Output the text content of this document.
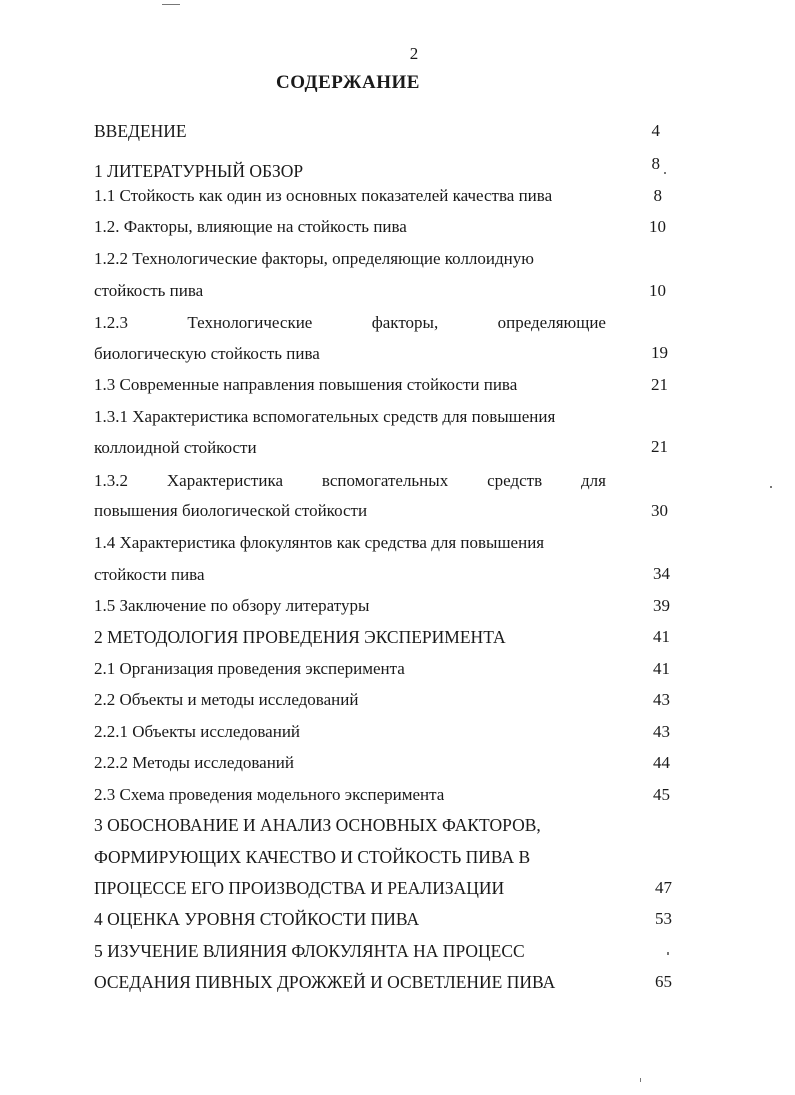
2
СОДЕРЖАНИЕ
ВВЕДЕНИЕ	4
1 ЛИТЕРАТУРНЫЙ ОБЗОР	8
1.1 Стойкость как один из основных показателей качества пива	8
1.2. Факторы, влияющие на стойкость пива	10
1.2.2 Технологические факторы, определяющие коллоидную
стойкость пива	10
1.2.3	Технологические	факторы,	определяющие
биологическую стойкость пива	19
1.3 Современные направления повышения стойкости пива	21
1.3.1 Характеристика вспомогательных средств для повышения
коллоидной стойкости	21
1.3.2 Характеристика вспомогательных средств для
повышения биологической стойкости	30
1.4 Характеристика флокулянтов как средства для повышения
стойкости пива	34
1.5 Заключение по обзору литературы	39
2 МЕТОДОЛОГИЯ ПРОВЕДЕНИЯ ЭКСПЕРИМЕНТА	41
2.1 Организация проведения эксперимента	41
2.2 Объекты и методы исследований	43
2.2.1 Объекты исследований	43
2.2.2 Методы исследований	44
2.3 Схема проведения модельного эксперимента	45
3 ОБОСНОВАНИЕ И АНАЛИЗ ОСНОВНЫХ ФАКТОРОВ,
ФОРМИРУЮЩИХ КАЧЕСТВО И СТОЙКОСТЬ ПИВА В
ПРОЦЕССЕ ЕГО ПРОИЗВОДСТВА И РЕАЛИЗАЦИИ	47
4 ОЦЕНКА УРОВНЯ СТОЙКОСТИ ПИВА	53
5 ИЗУЧЕНИЕ ВЛИЯНИЯ ФЛОКУЛЯНТА НА ПРОЦЕСС
ОСЕДАНИЯ ПИВНЫХ ДРОЖЖЕЙ И ОСВЕТЛЕНИЕ ПИВА	65
